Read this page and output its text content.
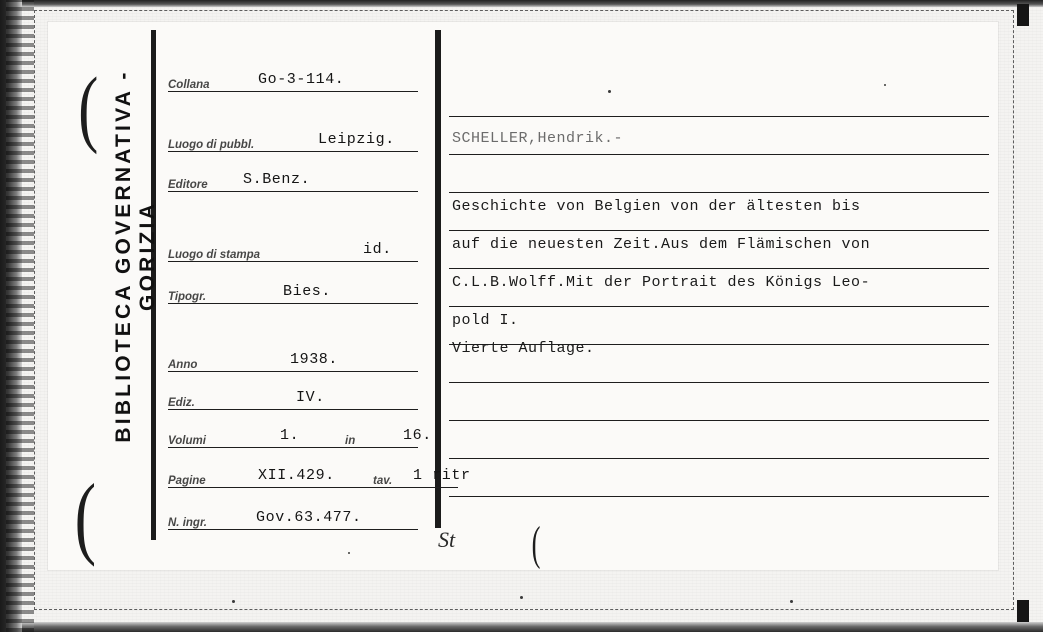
BIBLIOTECA GOVERNATIVA - GORIZIA
Collana	Go-3-114.
Luogo di pubbl.	Leipzig.
Editore S.Benz.
Luogo di stampa	id.
Tipogr.	Bies.
Anno	1938.
Ediz.	IV.
Volumi	1.	in	16.
Pagine	XII.429.	tav. 1 ritr
N. ingr.	Gov.63.477.
SCHELLER,Hendrik.-
Geschichte von Belgien von der ältesten bis
auf die neuesten Zeit.Aus dem Flämischen von
C.L.B.Wolff.Mit der Portrait des Königs Leo-
pold I.
Vierte Auflage.
(
(	(
St
